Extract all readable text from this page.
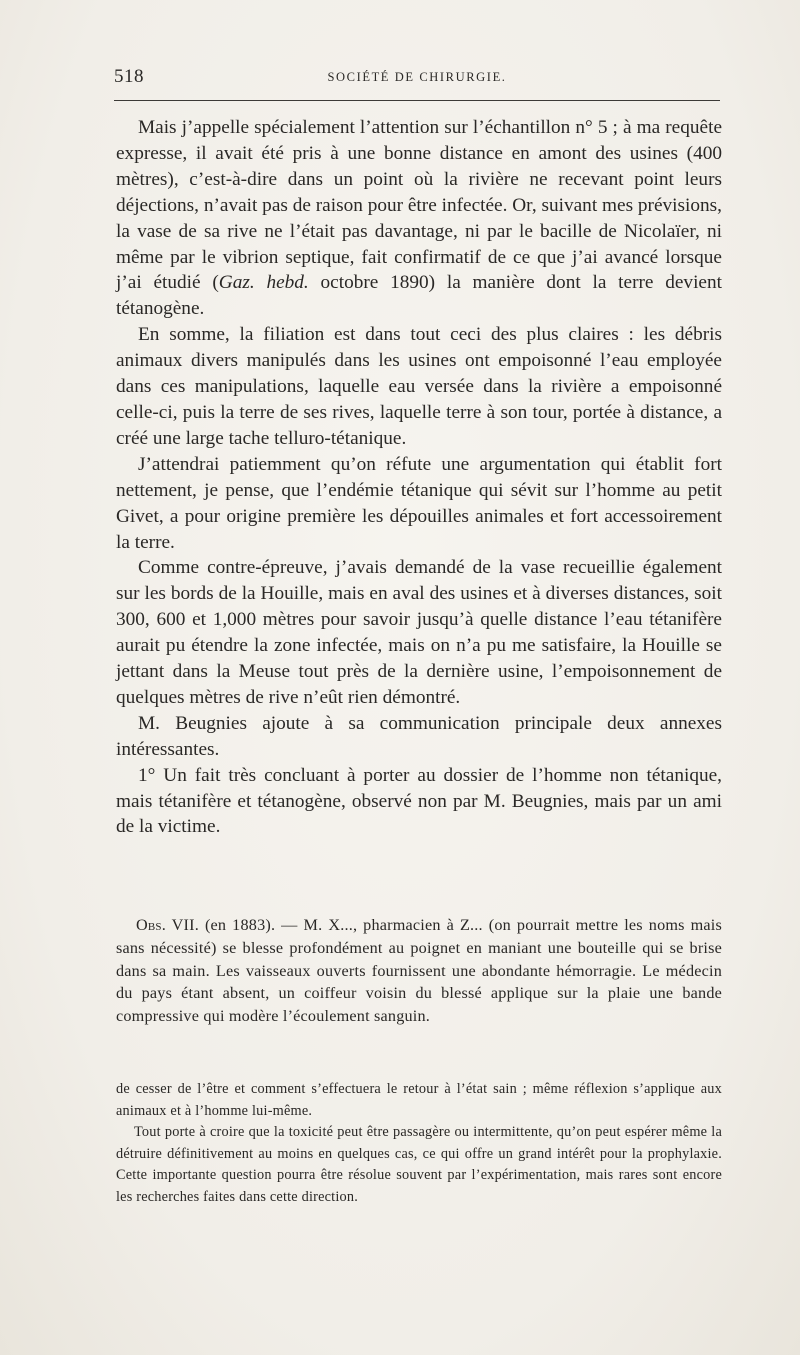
518	SOCIÉTÉ DE CHIRURGIE.

Mais j’appelle spécialement l’attention sur l’échantillon n° 5 ; à ma requête expresse, il avait été pris à une bonne distance en amont des usines (400 mètres), c’est-à-dire dans un point où la rivière ne recevant point leurs déjections, n’avait pas de raison pour être infectée. Or, suivant mes prévisions, la vase de sa rive ne l’était pas davantage, ni par le bacille de Nicolaïer, ni même par le vibrion septique, fait confirmatif de ce que j’ai avancé lorsque j’ai étudié (Gaz. hebd. octobre 1890) la manière dont la terre devient tétanogène.

En somme, la filiation est dans tout ceci des plus claires : les débris animaux divers manipulés dans les usines ont empoisonné l’eau employée dans ces manipulations, laquelle eau versée dans la rivière a empoisonné celle-ci, puis la terre de ses rives, laquelle terre à son tour, portée à distance, a créé une large tache telluro-tétanique.

J’attendrai patiemment qu’on réfute une argumentation qui établit fort nettement, je pense, que l’endémie tétanique qui sévit sur l’homme au petit Givet, a pour origine première les dépouilles animales et fort accessoirement la terre.

Comme contre-épreuve, j’avais demandé de la vase recueillie également sur les bords de la Houille, mais en aval des usines et à diverses distances, soit 300, 600 et 1,000 mètres pour savoir jusqu’à quelle distance l’eau tétanifère aurait pu étendre la zone infectée, mais on n’a pu me satisfaire, la Houille se jettant dans la Meuse tout près de la dernière usine, l’empoisonnement de quelques mètres de rive n’eût rien démontré.

M. Beugnies ajoute à sa communication principale deux annexes intéressantes.

1° Un fait très concluant à porter au dossier de l’homme non tétanique, mais tétanifère et tétanogène, observé non par M. Beugnies, mais par un ami de la victime.

Obs. VII. (en 1883). — M. X..., pharmacien à Z... (on pourrait mettre les noms mais sans nécessité) se blesse profondément au poignet en maniant une bouteille qui se brise dans sa main. Les vaisseaux ouverts fournissent une abondante hémorragie. Le médecin du pays étant absent, un coiffeur voisin du blessé applique sur la plaie une bande compressive qui modère l’écoulement sanguin.

de cesser de l’être et comment s’effectuera le retour à l’état sain ; même réflexion s’applique aux animaux et à l’homme lui-même.

Tout porte à croire que la toxicité peut être passagère ou intermittente, qu’on peut espérer même la détruire définitivement au moins en quelques cas, ce qui offre un grand intérêt pour la prophylaxie. Cette importante question pourra être résolue souvent par l’expérimentation, mais rares sont encore les recherches faites dans cette direction.
